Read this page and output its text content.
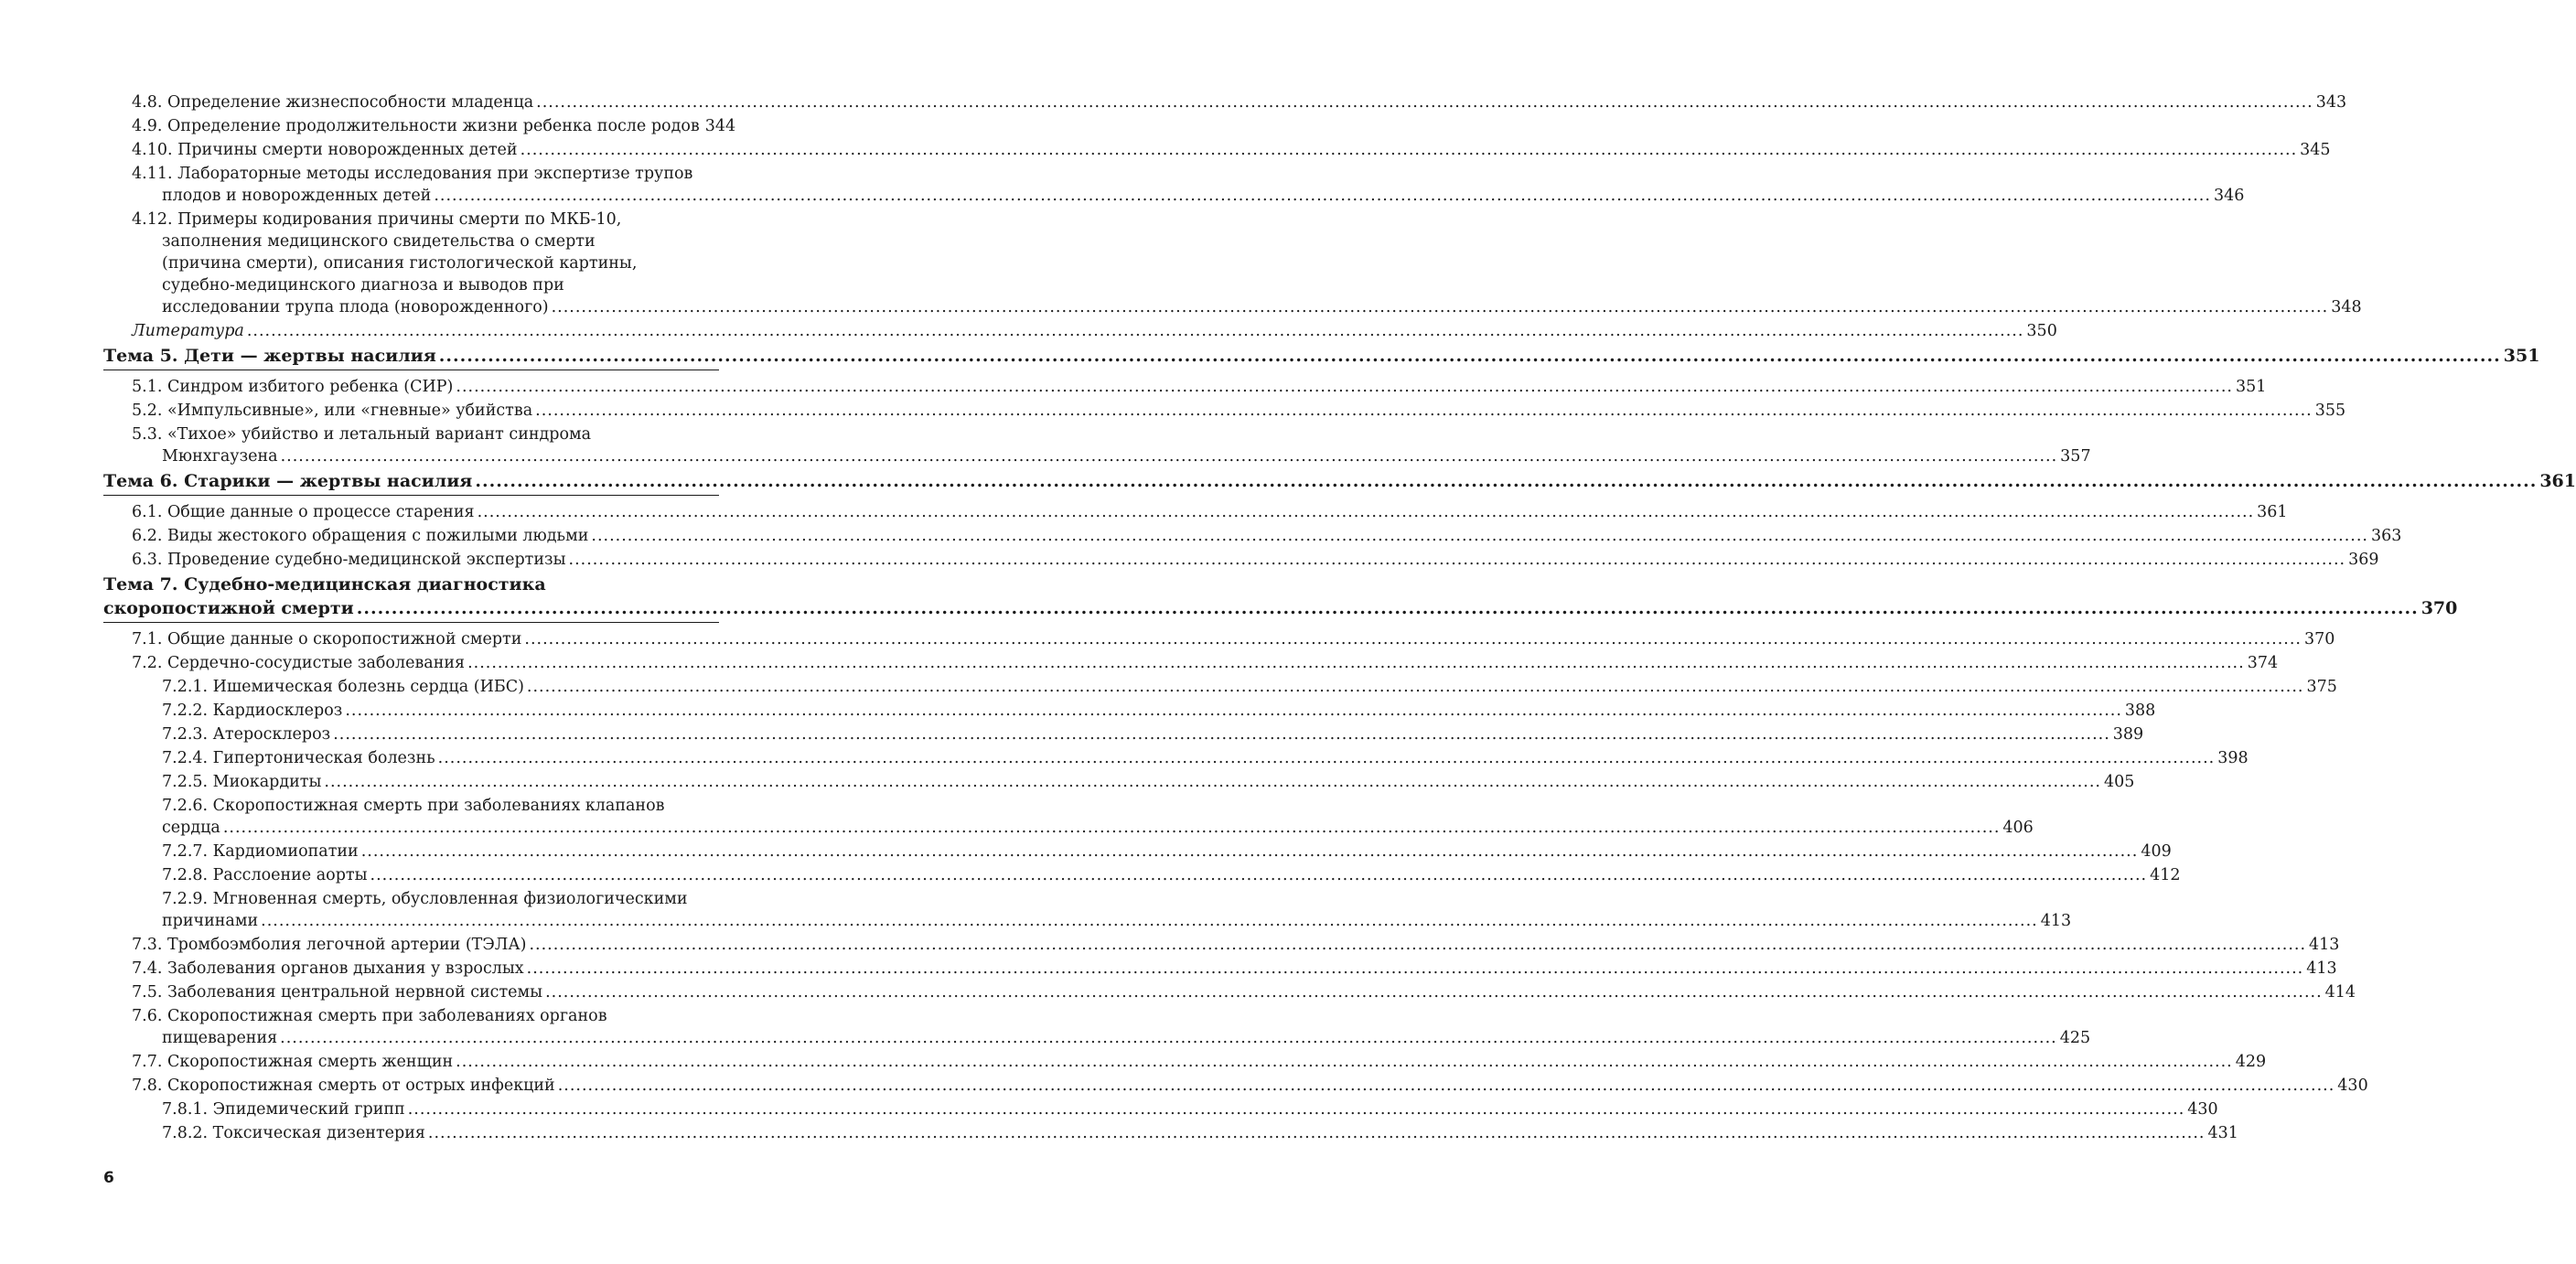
4.8. Определение жизнеспособности младенца .....	343
4.9. Определение продолжительности жизни ребенка после родов 344
4.10. Причины смерти новорожденных детей .....	345
4.11. Лабораторные методы исследования при экспертизе трупов
плодов и новорожденных детей .....	346
4.12. Примеры кодирования причины смерти по МКБ-10,
заполнения медицинского свидетельства о смерти
(причина смерти), описания гистологической картины,
судебно-медицинского диагноза и выводов при
исследовании трупа плода (новорожденного) .....	348
Литература .....	350
Тема 5. Дети — жертвы насилия .....	351
5.1. Синдром избитого ребенка (СИР) .....	351
5.2. «Импульсивные», или «гневные» убийства .....	355
5.3. «Тихое» убийство и летальный вариант синдрома
Мюнхгаузена .....	357
Тема 6. Старики — жертвы насилия .....	361
6.1. Общие данные о процессе старения .....	361
6.2. Виды жестокого обращения с пожилыми людьми .....	363
6.3. Проведение судебно-медицинской экспертизы .....	369
Тема 7. Судебно-медицинская диагностика
скоропостижной смерти .....	370
7.1. Общие данные о скоропостижной смерти .....	370
7.2. Сердечно-сосудистые заболевания .....	374
7.2.1. Ишемическая болезнь сердца (ИБС) .....	375
7.2.2. Кардиосклероз .....	388
7.2.3. Атеросклероз .....	389
7.2.4. Гипертоническая болезнь .....	398
7.2.5. Миокардиты .....	405
7.2.6. Скоропостижная смерть при заболеваниях клапанов
сердца .....	406
7.2.7. Кардиомиопатии .....	409
7.2.8. Расслоение аорты .....	412
7.2.9. Мгновенная смерть, обусловленная физиологическими
причинами .....	413
7.3. Тромбоэмболия легочной артерии (ТЭЛА) .....	413
7.4. Заболевания органов дыхания у взрослых .....	413
7.5. Заболевания центральной нервной системы .....	414
7.6. Скоропостижная смерть при заболеваниях органов
пищеварения .....	425
7.7. Скоропостижная смерть женщин .....	429
7.8. Скоропостижная смерть от острых инфекций .....	430
7.8.1. Эпидемический грипп .....	430
7.8.2. Токсическая дизентерия .....	431
6
